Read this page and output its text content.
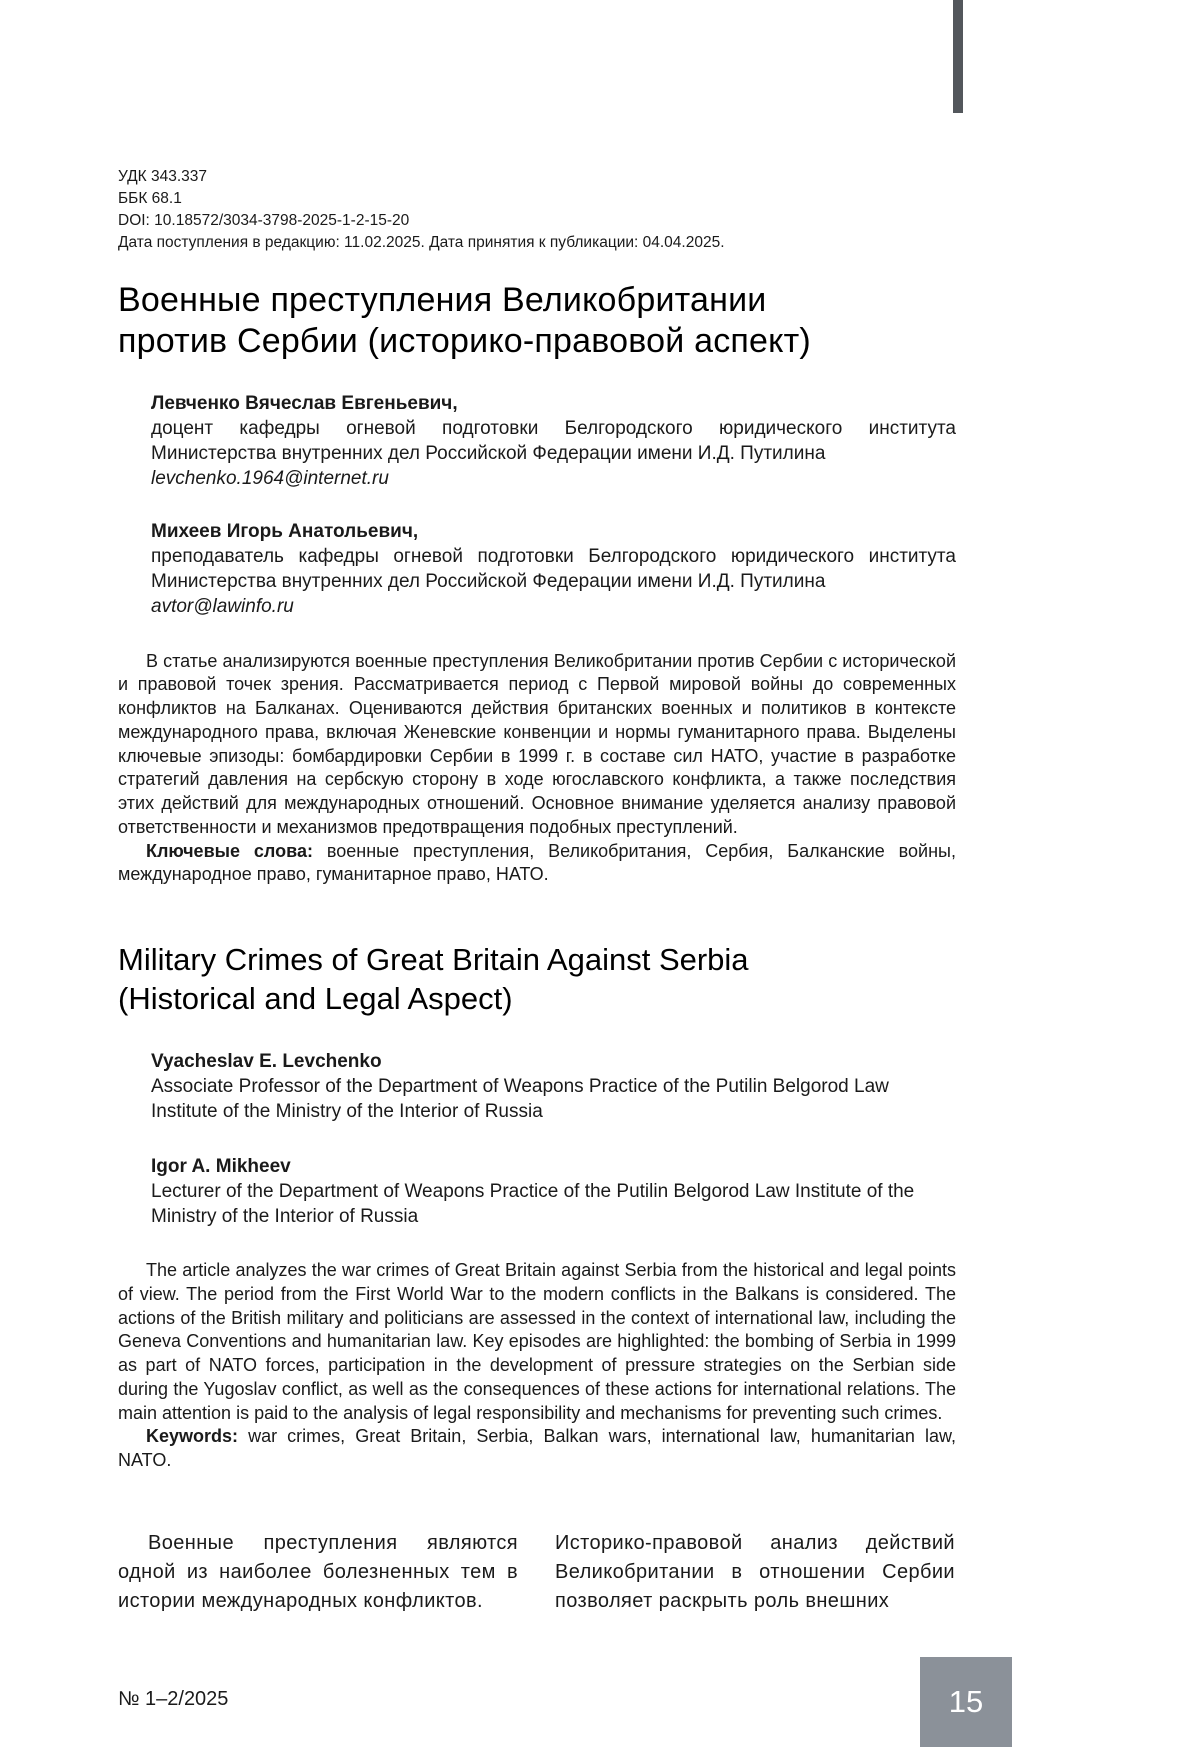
УДК 343.337
ББК 68.1
DOI: 10.18572/3034-3798-2025-1-2-15-20
Дата поступления в редакцию: 11.02.2025. Дата принятия к публикации: 04.04.2025.
Военные преступления Великобритании против Сербии (историко-правовой аспект)
Левченко Вячеслав Евгеньевич,
доцент кафедры огневой подготовки Белгородского юридического института Министерства внутренних дел Российской Федерации имени И.Д. Путилина
levchenko.1964@internet.ru
Михеев Игорь Анатольевич,
преподаватель кафедры огневой подготовки Белгородского юридического института Министерства внутренних дел Российской Федерации имени И.Д. Путилина
avtor@lawinfo.ru

В статье анализируются военные преступления Великобритании против Сербии с исторической и правовой точек зрения. Рассматривается период с Первой мировой войны до современных конфликтов на Балканах. Оцениваются действия британских военных и политиков в контексте международного права, включая Женевские конвенции и нормы гуманитарного права. Выделены ключевые эпизоды: бомбардировки Сербии в 1999 г. в составе сил НАТО, участие в разработке стратегий давления на сербскую сторону в ходе югославского конфликта, а также последствия этих действий для международных отношений. Основное внимание уделяется анализу правовой ответственности и механизмов предотвращения подобных преступлений.

Ключевые слова: военные преступления, Великобритания, Сербия, Балканские войны, международное право, гуманитарное право, НАТО.

Military Crimes of Great Britain Against Serbia (Historical and Legal Aspect)
Vyacheslav E. Levchenko
Associate Professor of the Department of Weapons Practice of the Putilin Belgorod Law Institute of the Ministry of the Interior of Russia
Igor A. Mikheev
Lecturer of the Department of Weapons Practice of the Putilin Belgorod Law Institute of the Ministry of the Interior of Russia

The article analyzes the war crimes of Great Britain against Serbia from the historical and legal points of view. The period from the First World War to the modern conflicts in the Balkans is considered. The actions of the British military and politicians are assessed in the context of international law, including the Geneva Conventions and humanitarian law. Key episodes are highlighted: the bombing of Serbia in 1999 as part of NATO forces, participation in the development of pressure strategies on the Serbian side during the Yugoslav conflict, as well as the consequences of these actions for international relations. The main attention is paid to the analysis of legal responsibility and mechanisms for preventing such crimes.

Keywords: war crimes, Great Britain, Serbia, Balkan wars, international law, humanitarian law, NATO.

Военные преступления являются одной из наиболее болезненных тем в истории международных конфликтов.

Историко-правовой анализ действий Великобритании в отношении Сербии позволяет раскрыть роль внешних

№ 1–2/2025	15
